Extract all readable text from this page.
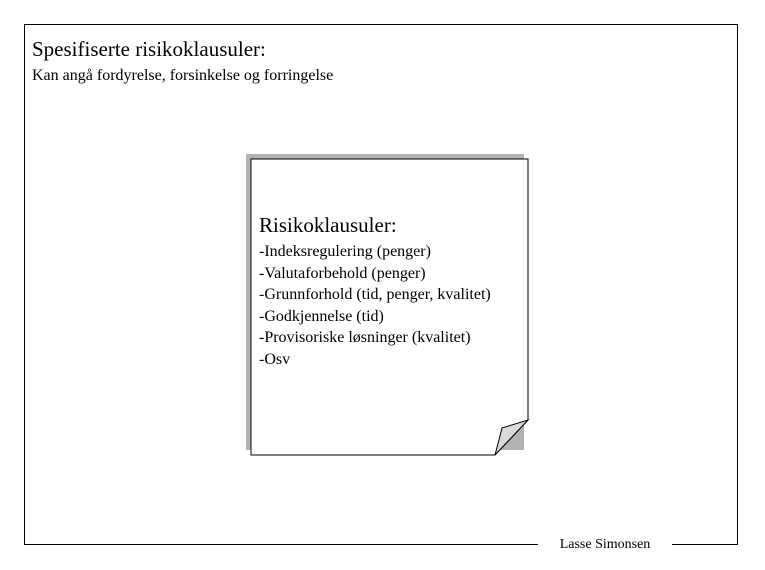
Spesifiserte risikoklausuler:
Kan angå fordyrelse, forsinkelse og forringelse
Risikoklausuler:
-Indeksregulering (penger)
-Valutaforbehold (penger)
-Grunnforhold (tid, penger, kvalitet)
-Godkjennelse (tid)
-Provisoriske løsninger (kvalitet)
-Osv
Lasse Simonsen
